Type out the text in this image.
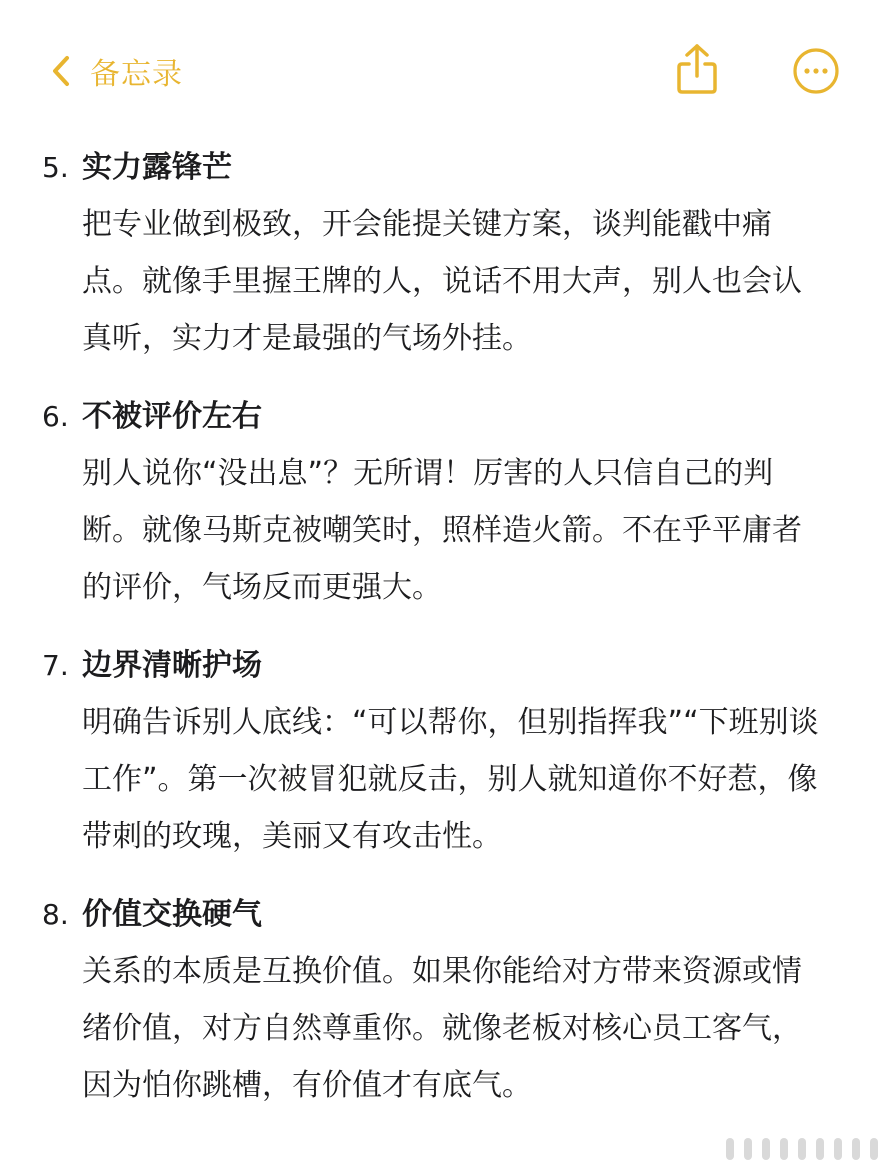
备忘录
5. 实力露锋芒
把专业做到极致，开会能提关键方案，谈判能戳中痛点。就像手里握王牌的人，说话不用大声，别人也会认真听，实力才是最强的气场外挂。
6. 不被评价左右
别人说你“没出息”？无所谓！厉害的人只信自己的判断。就像马斯克被嘲笑时，照样造火箭。不在乎平庸者的评价，气场反而更强大。
7. 边界清晰护场
明确告诉别人底线：“可以帮你，但别指挥我”“下班别谈工作”。第一次被冒犯就反击，别人就知道你不好惹，像带刺的玫瑰，美丽又有攻击性。
8. 价值交换硬气
关系的本质是互换价值。如果你能给对方带来资源或情绪价值，对方自然尊重你。就像老板对核心员工客气，因为怕你跳槽，有价值才有底气。
